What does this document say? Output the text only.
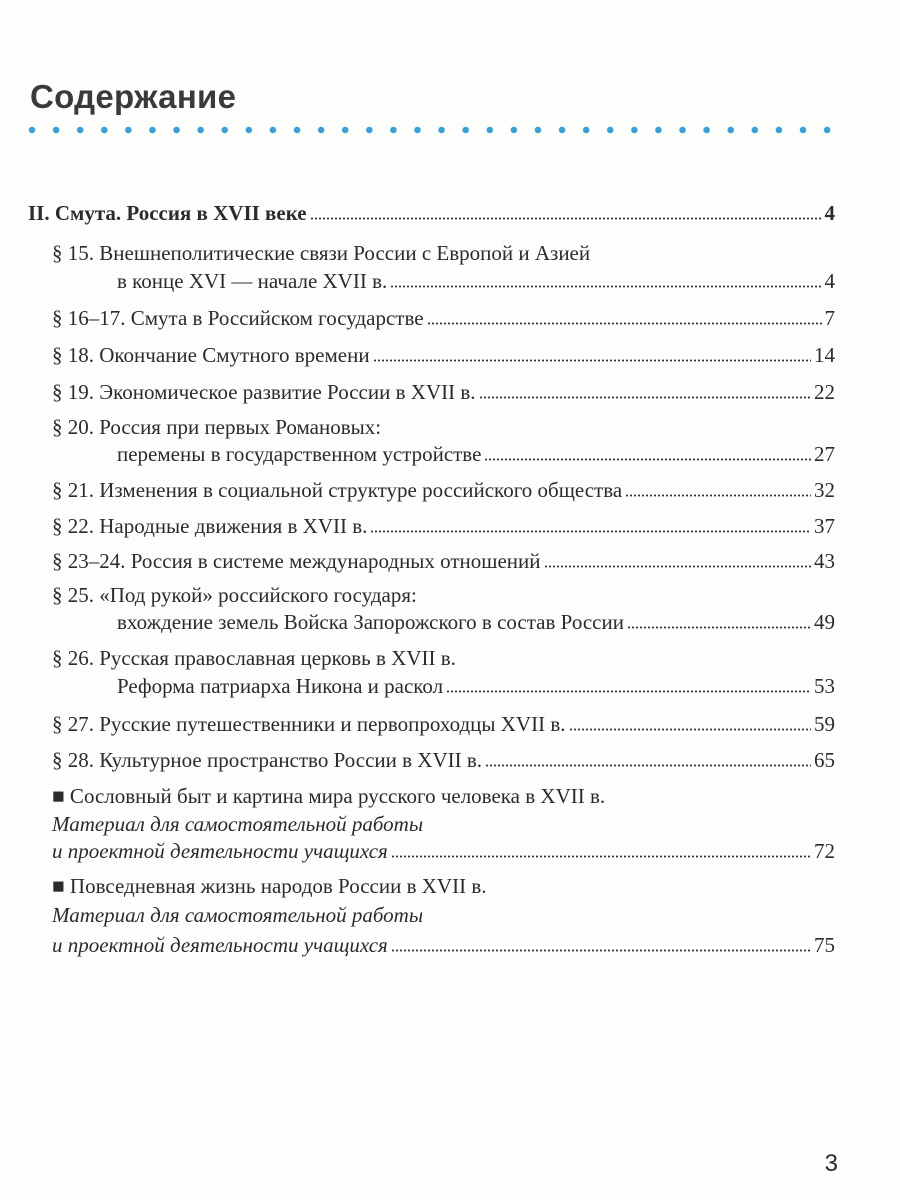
Содержание
II. Смута. Россия в XVII веке	4
§ 15. Внешнеполитические связи России с Европой и Азией
в конце XVI — начале XVII в.	4
§ 16–17. Смута в Российском государстве	7
§ 18. Окончание Смутного времени	14
§ 19. Экономическое развитие России в XVII в.	22
§ 20. Россия при первых Романовых:
перемены в государственном устройстве	27
§ 21. Изменения в социальной структуре российского общества	32
§ 22. Народные движения в XVII в.	37
§ 23–24. Россия в системе международных отношений	43
§ 25. «Под рукой» российского государя:
вхождение земель Войска Запорожского в состав России	49
§ 26. Русская православная церковь в XVII в.
Реформа патриарха Никона и раскол	53
§ 27. Русские путешественники и первопроходцы XVII в.	59
§ 28. Культурное пространство России в XVII в.	65
■ Сословный быт и картина мира русского человека в XVII в.
Материал для самостоятельной работы
и проектной деятельности учащихся	72
■ Повседневная жизнь народов России в XVII в.
Материал для самостоятельной работы
и проектной деятельности учащихся	75
3
